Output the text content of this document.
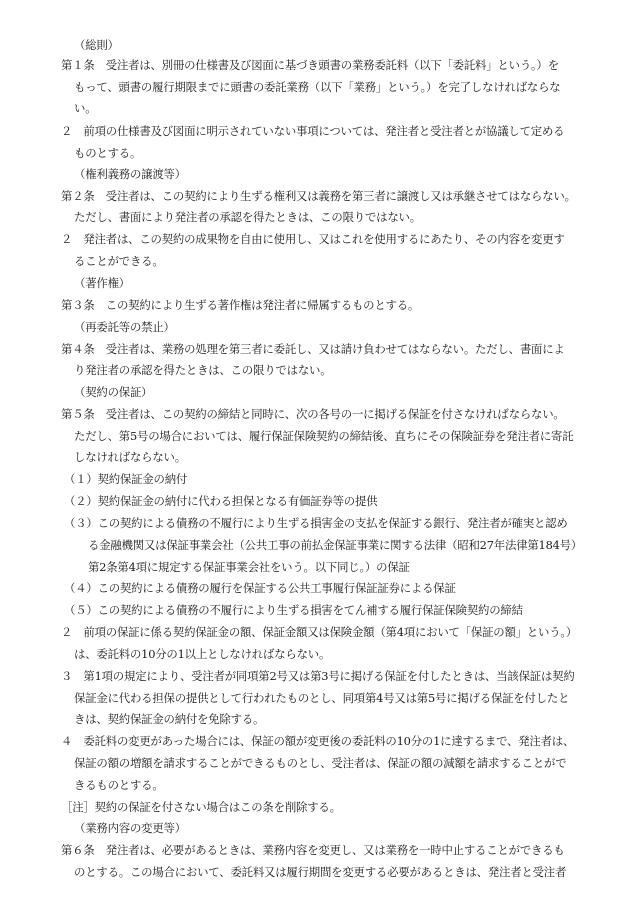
（総則）
第１条　受注者は、別冊の仕様書及び図面に基づき頭書の業務委託料（以下「委託料」という。）を
もって、頭書の履行期限までに頭書の委託業務（以下「業務」という。）を完了しなければならな
い。
２　前項の仕様書及び図面に明示されていない事項については、発注者と受注者とが協議して定める
ものとする。
（権利義務の譲渡等）
第２条　受注者は、この契約により生ずる権利又は義務を第三者に譲渡し又は承継させてはならない。
ただし、書面により発注者の承認を得たときは、この限りではない。
２　発注者は、この契約の成果物を自由に使用し、又はこれを使用するにあたり、その内容を変更す
ることができる。
（著作権）
第３条　この契約により生ずる著作権は発注者に帰属するものとする。
（再委託等の禁止）
第４条　受注者は、業務の処理を第三者に委託し、又は請け負わせてはならない。ただし、書面によ
り発注者の承認を得たときは、この限りではない。
（契約の保証）
第５条　受注者は、この契約の締結と同時に、次の各号の一に掲げる保証を付さなければならない。
ただし、第5号の場合においては、履行保証保険契約の締結後、直ちにその保険証券を発注者に寄託
しなければならない。
（１）契約保証金の納付
（２）契約保証金の納付に代わる担保となる有価証券等の提供
（３）この契約による債務の不履行により生ずる損害金の支払を保証する銀行、発注者が確実と認め
る金融機関又は保証事業会社（公共工事の前払金保証事業に関する法律（昭和27年法律第184号）
第2条第4項に規定する保証事業会社をいう。以下同じ。）の保証
（４）この契約による債務の履行を保証する公共工事履行保証証券による保証
（５）この契約による債務の不履行により生ずる損害をてん補する履行保証保険契約の締結
２　前項の保証に係る契約保証金の額、保証金額又は保険金額（第4項において「保証の額」という。）
は、委託料の10分の1以上としなければならない。
３　第1項の規定により、受注者が同項第2号又は第3号に掲げる保証を付したときは、当該保証は契約
保証金に代わる担保の提供として行われたものとし、同項第4号又は第5号に掲げる保証を付したと
きは、契約保証金の納付を免除する。
４　委託料の変更があった場合には、保証の額が変更後の委託料の10分の1に達するまで、発注者は、
保証の額の増額を請求することができるものとし、受注者は、保証の額の減額を請求することがで
きるものとする。
［注］契約の保証を付さない場合はこの条を削除する。
（業務内容の変更等）
第６条　発注者は、必要があるときは、業務内容を変更し、又は業務を一時中止することができるも
のとする。この場合において、委託料又は履行期間を変更する必要があるときは、発注者と受注者
